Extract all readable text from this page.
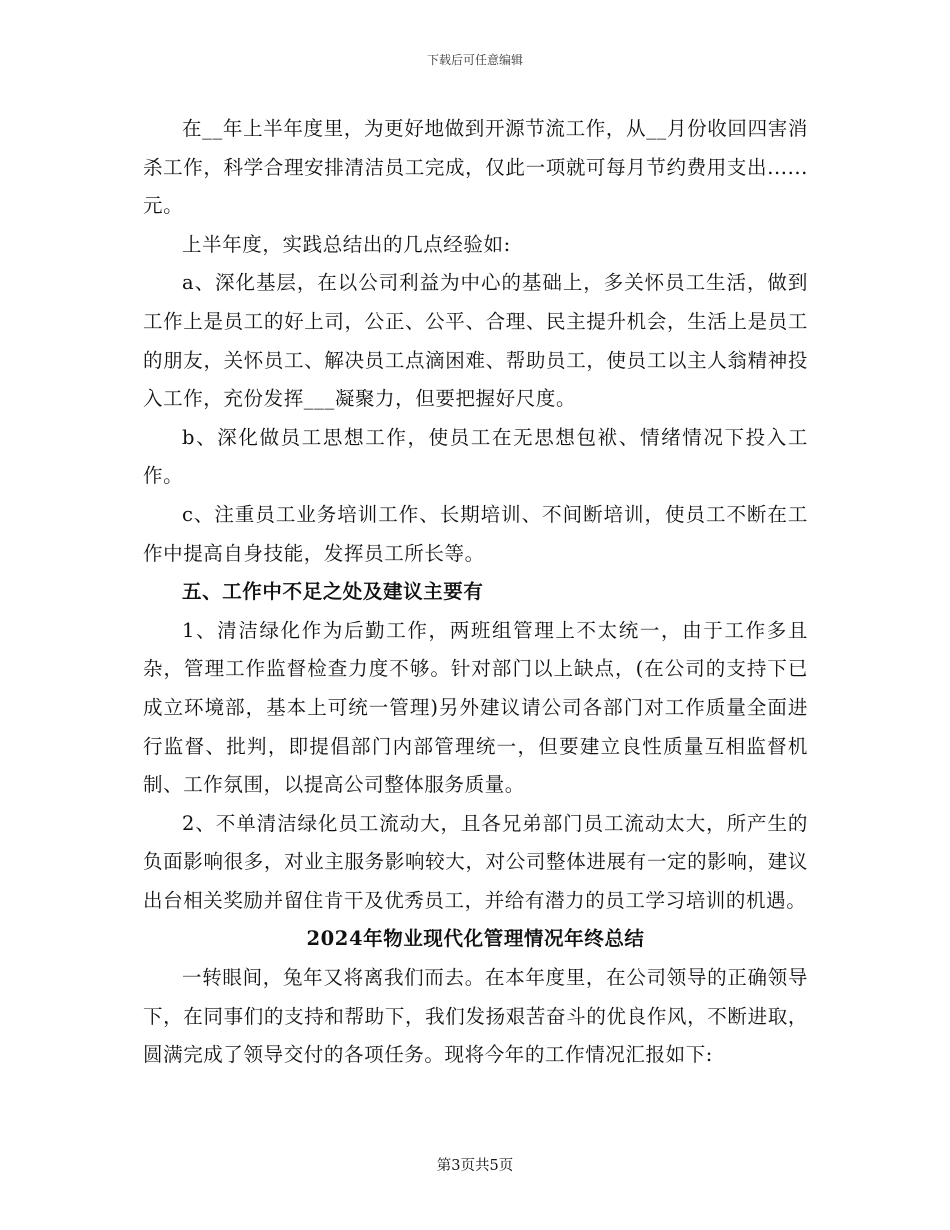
下载后可任意编辑

在__年上半年度里，为更好地做到开源节流工作，从__月份收回四害消杀工作，科学合理安排清洁员工完成，仅此一项就可每月节约费用支出......元。

上半年度，实践总结出的几点经验如:

a、深化基层，在以公司利益为中心的基础上，多关怀员工生活，做到工作上是员工的好上司，公正、公平、合理、民主提升机会，生活上是员工的朋友，关怀员工、解决员工点滴困难、帮助员工，使员工以主人翁精神投入工作，充份发挥___凝聚力，但要把握好尺度。

b、深化做员工思想工作，使员工在无思想包袱、情绪情况下投入工作。

c、注重员工业务培训工作、长期培训、不间断培训，使员工不断在工作中提高自身技能，发挥员工所长等。

五、工作中不足之处及建议主要有

1、清洁绿化作为后勤工作，两班组管理上不太统一，由于工作多且杂，管理工作监督检查力度不够。针对部门以上缺点，(在公司的支持下已成立环境部，基本上可统一管理)另外建议请公司各部门对工作质量全面进行监督、批判，即提倡部门内部管理统一，但要建立良性质量互相监督机制、工作氛围，以提高公司整体服务质量。

2、不单清洁绿化员工流动大，且各兄弟部门员工流动太大，所产生的负面影响很多，对业主服务影响较大，对公司整体进展有一定的影响，建议出台相关奖励并留住肯干及优秀员工，并给有潜力的员工学习培训的机遇。

2024年物业现代化管理情况年终总结

一转眼间，兔年又将离我们而去。在本年度里，在公司领导的正确领导下，在同事们的支持和帮助下，我们发扬艰苦奋斗的优良作风，不断进取，圆满完成了领导交付的各项任务。现将今年的工作情况汇报如下:

第3页共5页
